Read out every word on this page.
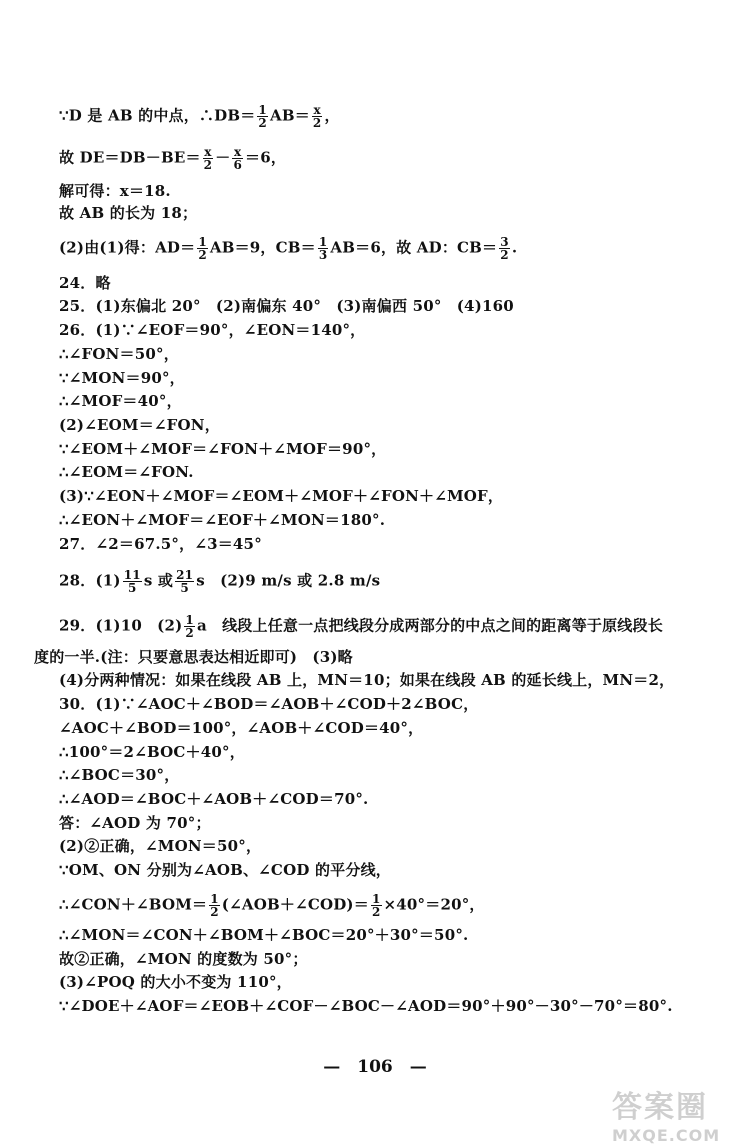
∵D 是 AB 的中点，∴DB＝ $\frac{1}{2} AB= \frac{x}{2}$ ，
故 $DE=DB-BE= \frac{x}{2} - \frac{x}{6} =6$，
解可得：x＝18.
故 AB 的长为 18；
(2)由(1)得：$AD= \frac{1}{2} AB=9$，$CB= \frac{1}{3} AB=6$，故 AD：$CB= \frac{3}{2}$ .
24．略
25．(1)东偏北 20°　(2)南偏东 40°　(3)南偏西 50°　(4)160
26．(1)∵∠EOF＝90°，∠EON＝140°，
∴∠FON＝50°，
∵∠MON＝90°，
∴∠MOF＝40°，
(2)∠EOM＝∠FON，
∵∠EOM＋∠MOF＝∠FON＋∠MOF＝90°，
∴∠EOM＝∠FON.
(3)∵∠EON＋∠MOF＝∠EOM＋∠MOF＋∠FON＋∠MOF，
∴∠EON＋∠MOF＝∠EOF＋∠MON＝180°.
27．∠2＝67.5°，∠3＝45°
28．$(1) \frac{11}{5}$ s 或 $\frac{21}{5}$ s　(2)9 m/s 或 2.8 m/s
29．(1)10　$(2) \frac{1}{2}$ a　线段上任意一点把线段分成两部分的中点之间的距离等于原线段长
度的一半.(注：只要意思表达相近即可)　(3)略
(4)分两种情况：如果在线段 AB 上，MN＝10；如果在线段 AB 的延长线上，MN＝2，
30．(1)∵∠AOC＋∠BOD＝∠AOB＋∠COD＋2∠BOC，
∠AOC＋∠BOD＝100°，∠AOB＋∠COD＝40°，
∴100°＝2∠BOC＋40°，
∴∠BOC＝30°，
∴∠AOD＝∠BOC＋∠AOB＋∠COD＝70°.
答：∠AOD 为 70°；
(2)②正确，∠MON＝50°，
∵OM、ON 分别为∠AOB、∠COD 的平分线，
∴∠CON＋∠BOM＝ $\frac{1}{2}$ (∠AOB＋∠COD)＝ $\frac{1}{2} \times 40^\circ=20^\circ$，
∴∠MON＝∠CON＋∠BOM＋∠BOC＝20°＋30°＝50°.
故②正确，∠MON 的度数为 50°；
(3)∠POQ 的大小不变为 110°，
∵∠DOE＋∠AOF＝∠EOB＋∠COF－∠BOC－∠AOD＝90°＋90°－30°－70°＝80°.
—　106　—
答案圈
MXQE.COM
